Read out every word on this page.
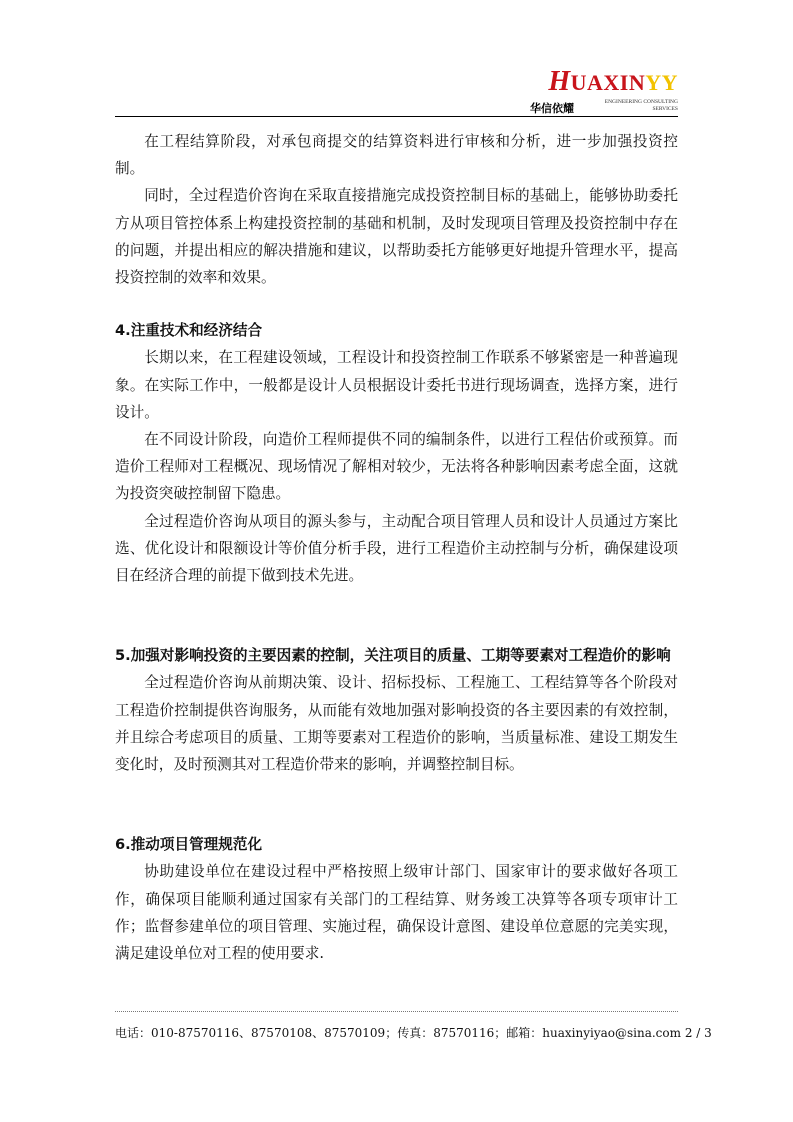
HUAXINYY
华信依耀	ENGINEERING CONSULTING
SERVICES

在工程结算阶段，对承包商提交的结算资料进行审核和分析，进一步加强投资控制。

同时，全过程造价咨询在采取直接措施完成投资控制目标的基础上，能够协助委托方从项目管控体系上构建投资控制的基础和机制，及时发现项目管理及投资控制中存在的问题，并提出相应的解决措施和建议，以帮助委托方能够更好地提升管理水平，提高投资控制的效率和效果。

4.注重技术和经济结合

长期以来，在工程建设领域，工程设计和投资控制工作联系不够紧密是一种普遍现象。在实际工作中，一般都是设计人员根据设计委托书进行现场调查，选择方案，进行设计。

在不同设计阶段，向造价工程师提供不同的编制条件，以进行工程估价或预算。而造价工程师对工程概况、现场情况了解相对较少，无法将各种影响因素考虑全面，这就为投资突破控制留下隐患。

全过程造价咨询从项目的源头参与，主动配合项目管理人员和设计人员通过方案比选、优化设计和限额设计等价值分析手段，进行工程造价主动控制与分析，确保建设项目在经济合理的前提下做到技术先进。

5.加强对影响投资的主要因素的控制，关注项目的质量、工期等要素对工程造价的影响

全过程造价咨询从前期决策、设计、招标投标、工程施工、工程结算等各个阶段对工程造价控制提供咨询服务，从而能有效地加强对影响投资的各主要因素的有效控制，并且综合考虑项目的质量、工期等要素对工程造价的影响，当质量标准、建设工期发生变化时，及时预测其对工程造价带来的影响，并调整控制目标。

6.推动项目管理规范化

协助建设单位在建设过程中严格按照上级审计部门、国家审计的要求做好各项工作，确保项目能顺利通过国家有关部门的工程结算、财务竣工决算等各项专项审计工作；监督参建单位的项目管理、实施过程，确保设计意图、建设单位意愿的完美实现，满足建设单位对工程的使用要求.

电话：010-87570116、87570108、87570109；传真：87570116；邮箱：huaxinyiyao@sina.com 2 / 3
